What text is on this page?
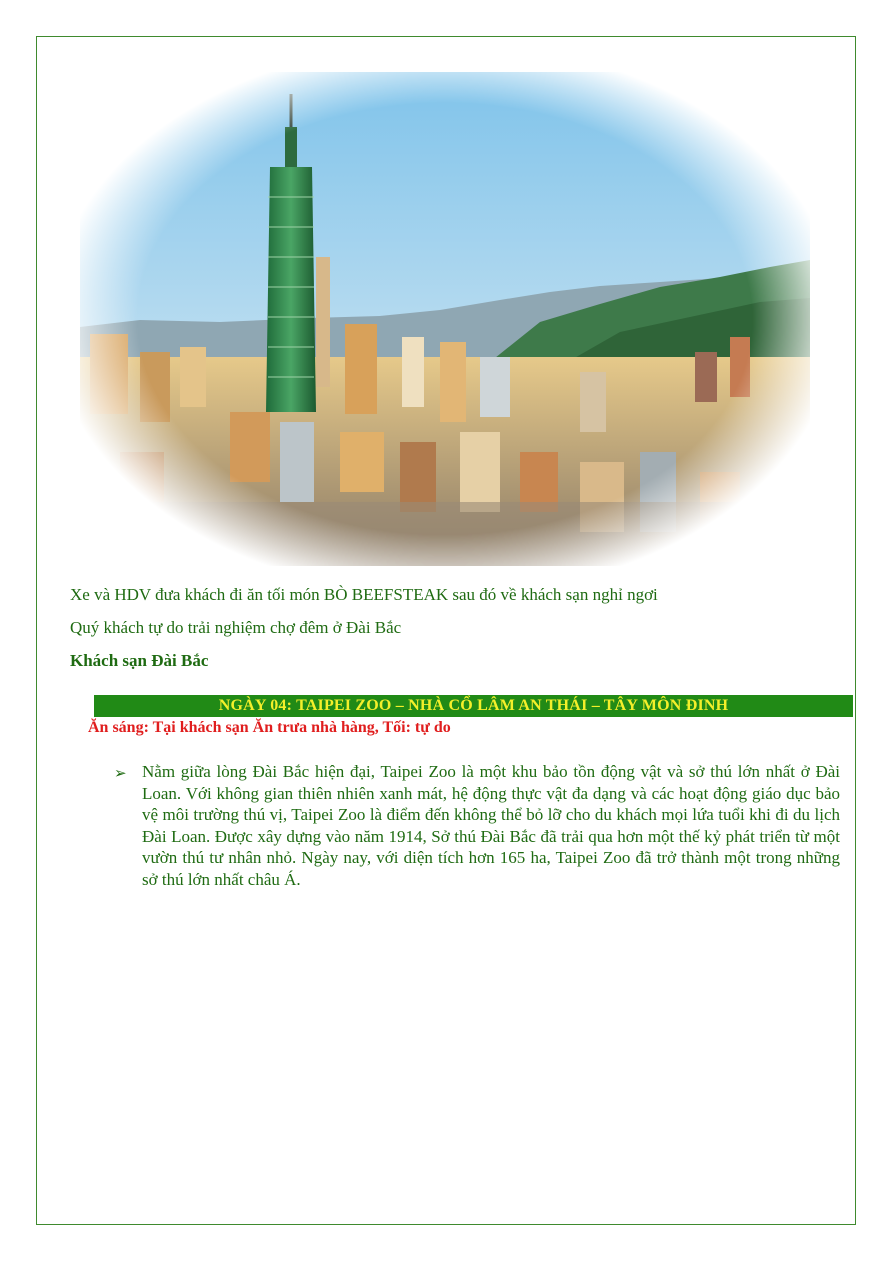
Xe và HDV đưa khách đi ăn tối món BÒ BEEFSTEAK sau đó về khách sạn nghỉ ngơi
Quý khách tự do trải nghiệm chợ đêm ở Đài Bắc
Khách sạn Đài Bắc
NGÀY 04: TAIPEI ZOO – NHÀ CỔ LÂM AN THÁI – TÂY MÔN ĐINH
Ăn sáng: Tại khách sạn Ăn trưa nhà hàng, Tối: tự do
➢ Nằm giữa lòng Đài Bắc hiện đại, Taipei Zoo là một khu bảo tồn động vật và sở thú lớn nhất ở Đài Loan. Với không gian thiên nhiên xanh mát, hệ động thực vật đa dạng và các hoạt động giáo dục bảo vệ môi trường thú vị, Taipei Zoo là điểm đến không thể bỏ lỡ cho du khách mọi lứa tuổi khi đi du lịch Đài Loan. Được xây dựng vào năm 1914, Sở thú Đài Bắc đã trải qua hơn một thế kỷ phát triển từ một vườn thú tư nhân nhỏ. Ngày nay, với diện tích hơn 165 ha, Taipei Zoo đã trở thành một trong những sở thú lớn nhất châu Á.
